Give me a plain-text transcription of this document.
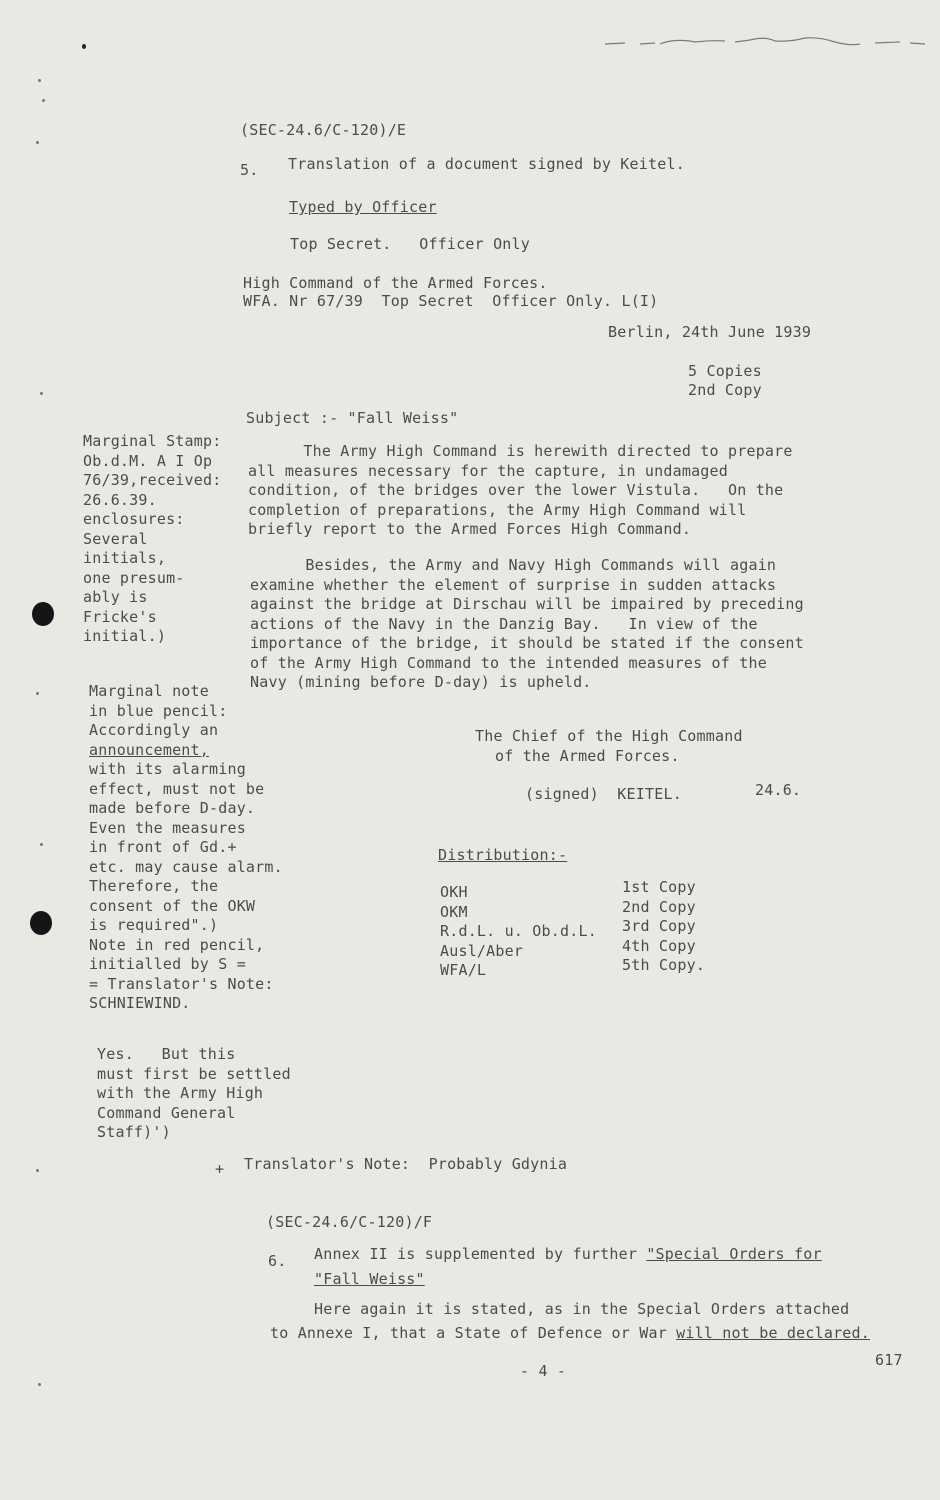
(SEC-24.6/C-120)/E
5. Translation of a document signed by Keitel.
Typed by Officer
Top Secret.   Officer Only
High Command of the Armed Forces.
WFA. Nr 67/39  Top Secret  Officer Only. L(I)
Berlin, 24th June 1939
5 Copies
2nd Copy
Subject :- "Fall Weiss"
The Army High Command is herewith directed to prepare
all measures necessary for the capture, in undamaged
condition, of the bridges over the lower Vistula.   On the
completion of preparations, the Army High Command will
briefly report to the Armed Forces High Command.
Besides, the Army and Navy High Commands will again
examine whether the element of surprise in sudden attacks
against the bridge at Dirschau will be impaired by preceding
actions of the Navy in the Danzig Bay.   In view of the
importance of the bridge, it should be stated if the consent
of the Army High Command to the intended measures of the
Navy (mining before D-day) is upheld.
The Chief of the High Command
of the Armed Forces.
(signed)  KEITEL.	24.6.
Distribution:-
OKH
OKM
R.d.L. u. Ob.d.L.
Ausl/Aber
WFA/L
1st Copy
2nd Copy
3rd Copy
4th Copy
5th Copy.
Marginal Stamp:
Ob.d.M. A I Op
76/39,received:
26.6.39.
enclosures:
Several
initials,
one presum-
ably is
Fricke's
initial.)
Marginal note
in blue pencil:
Accordingly an
announcement,
with its alarming
effect, must not be
made before D-day.
Even the measures
in front of Gd.+
etc. may cause alarm.
Therefore, the
consent of the OKW
is required".)
Note in red pencil,
initialled by S =
= Translator's Note:
SCHNIEWIND.
Yes.   But this
must first be settled
with the Army High
Command General
Staff)')
+ Translator's Note:  Probably Gdynia
(SEC-24.6/C-120)/F
6. Annex II is supplemented by further "Special Orders for
"Fall Weiss"
Here again it is stated, as in the Special Orders attached
to Annexe I, that a State of Defence or War will not be declared.
- 4 -
617
